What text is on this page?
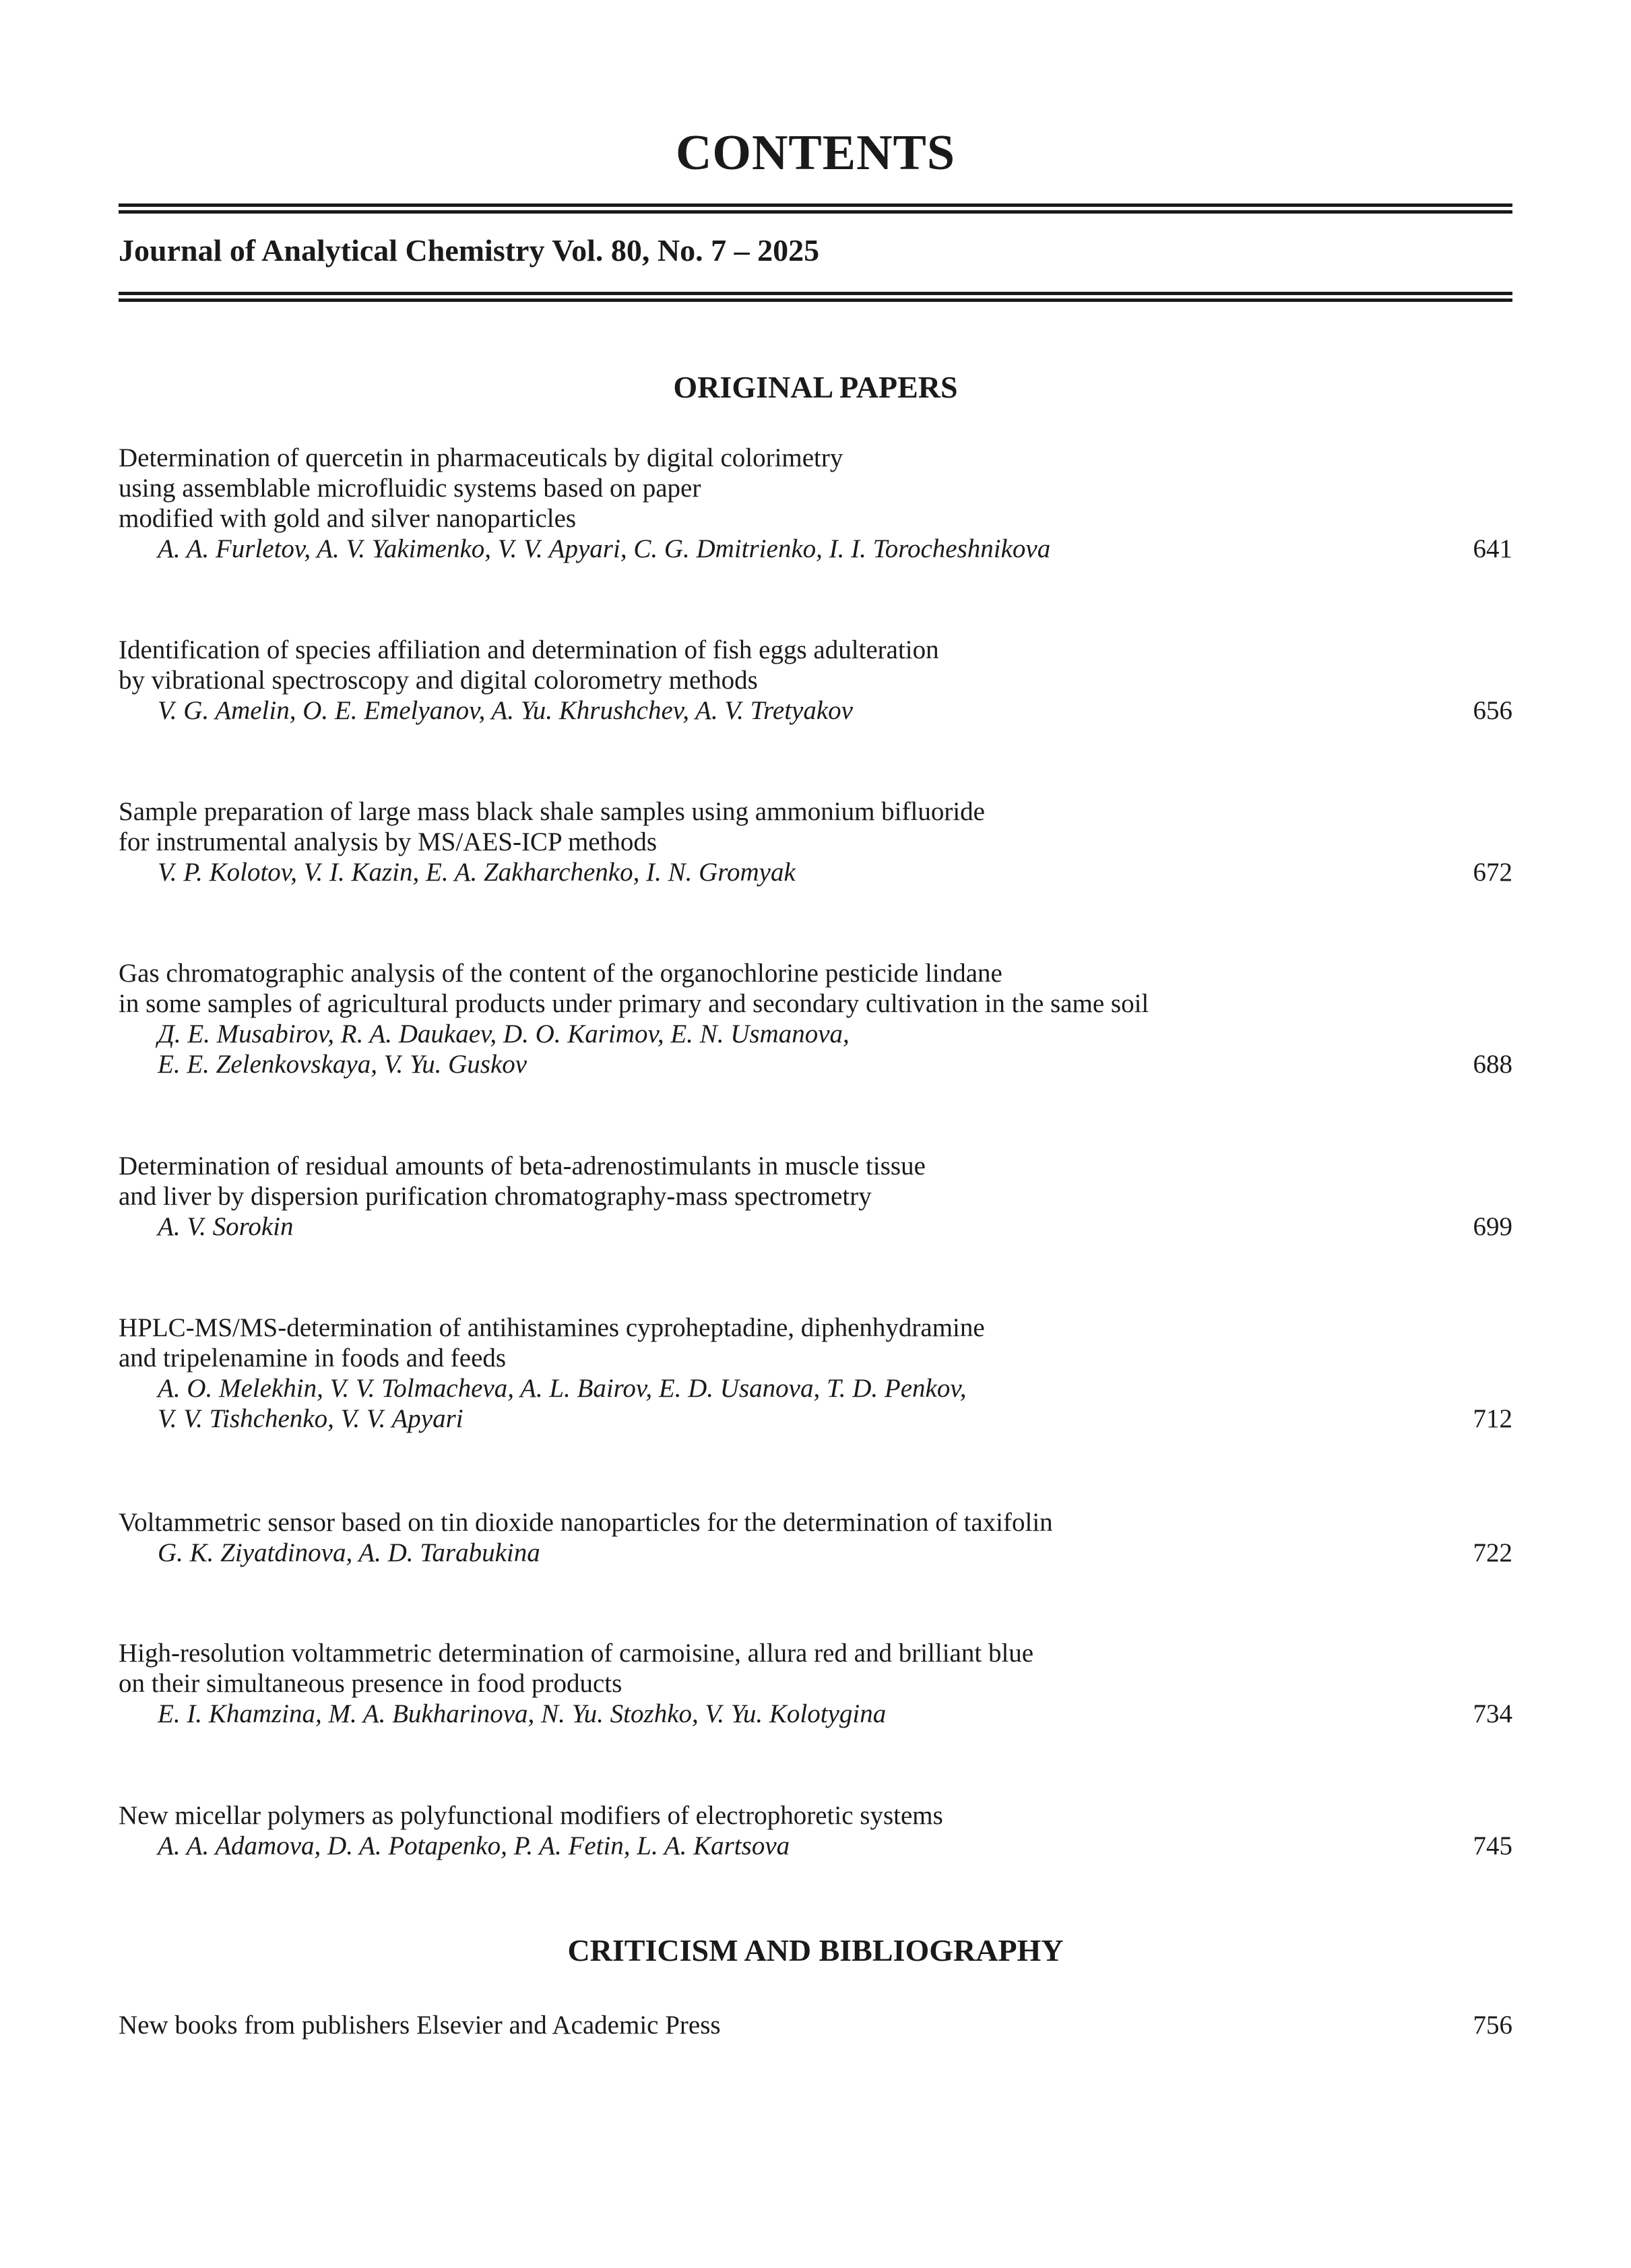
CONTENTS
Journal of Analytical Chemistry Vol. 80, No. 7 – 2025
ORIGINAL PAPERS
Determination of quercetin in pharmaceuticals by digital colorimetry
using assemblable microfluidic systems based on paper
modified with gold and silver nanoparticles
A. A. Furletov, A. V. Yakimenko, V. V. Apyari, C. G. Dmitrienko, I. I. Torocheshnikova	641
Identification of species affiliation and determination of fish eggs adulteration
by vibrational spectroscopy and digital colorometry methods
V. G. Amelin, O. E. Emelyanov, A. Yu. Khrushchev, A. V. Tretyakov	656
Sample preparation of large mass black shale samples using ammonium bifluoride
for instrumental analysis by MS/AES-ICP methods
V. P. Kolotov, V. I. Kazin, E. A. Zakharchenko, I. N. Gromyak	672
Gas chromatographic analysis of the content of the organochlorine pesticide lindane
in some samples of agricultural products under primary and secondary cultivation in the same soil
Д. E. Musabirov, R. A. Daukaev, D. O. Karimov, E. N. Usmanova,
E. E. Zelenkovskaya, V. Yu. Guskov	688
Determination of residual amounts of beta-adrenostimulants in muscle tissue
and liver by dispersion purification chromatography-mass spectrometry
A. V. Sorokin	699
HPLC-MS/MS-determination of antihistamines cyproheptadine, diphenhydramine
and tripelenamine in foods and feeds
A. O. Melekhin, V. V. Tolmacheva, A. L. Bairov, E. D. Usanova, T. D. Penkov,
V. V. Tishchenko, V. V. Apyari	712
Voltammetric sensor based on tin dioxide nanoparticles for the determination of taxifolin
G. K. Ziyatdinova, A. D. Tarabukina	722
High-resolution voltammetric determination of carmoisine, allura red and brilliant blue
on their simultaneous presence in food products
E. I. Khamzina, M. A. Bukharinova, N. Yu. Stozhko, V. Yu. Kolotygina	734
New micellar polymers as polyfunctional modifiers of electrophoretic systems
A. A. Adamova, D. A. Potapenko, P. A. Fetin, L. A. Kartsova	745
CRITICISM AND BIBLIOGRAPHY
New books from publishers Elsevier and Academic Press	756
